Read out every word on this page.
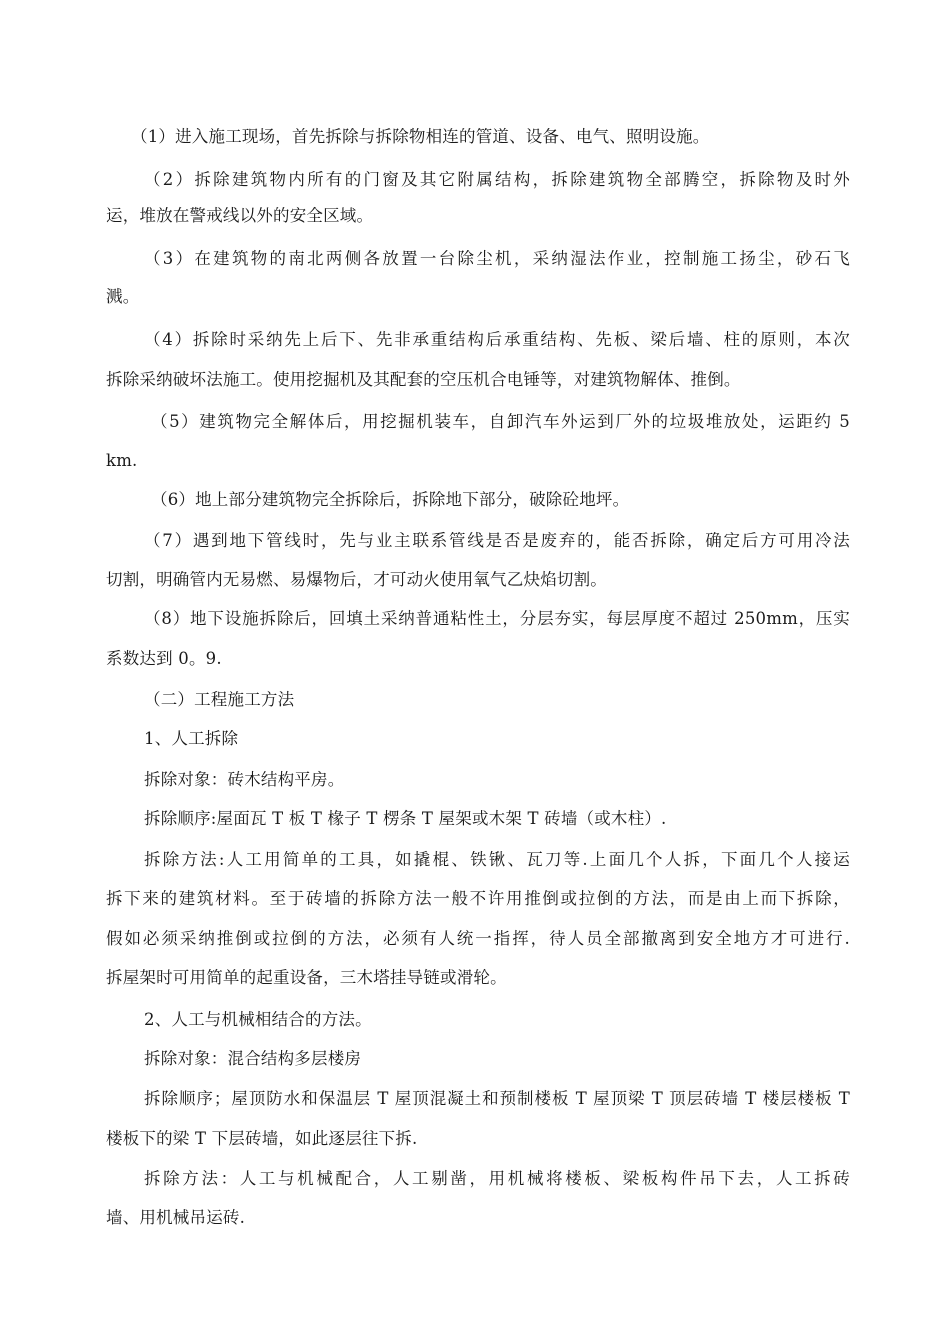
（1）进入施工现场，首先拆除与拆除物相连的管道、设备、电气、照明设施。
（2）拆除建筑物内所有的门窗及其它附属结构，拆除建筑物全部腾空，拆除物及时外
运，堆放在警戒线以外的安全区域。
（3）在建筑物的南北两侧各放置一台除尘机，采纳湿法作业，控制施工扬尘，砂石飞
溅。
（4）拆除时采纳先上后下、先非承重结构后承重结构、先板、梁后墙、柱的原则，本次
拆除采纳破坏法施工。使用挖掘机及其配套的空压机合电锤等，对建筑物解体、推倒。
（5）建筑物完全解体后，用挖掘机装车，自卸汽车外运到厂外的垃圾堆放处，运距约 5
km.
（6）地上部分建筑物完全拆除后，拆除地下部分，破除砼地坪。
（7）遇到地下管线时，先与业主联系管线是否是废弃的，能否拆除，确定后方可用冷法
切割，明确管内无易燃、易爆物后，才可动火使用氧气乙炔焰切割。
（8）地下设施拆除后，回填土采纳普通粘性土，分层夯实，每层厚度不超过 250mm，压实
系数达到 0。9.
（二）工程施工方法
1、人工拆除
拆除对象：砖木结构平房。
拆除顺序:屋面瓦 T 板 T 椽子 T 楞条 T 屋架或木架 T 砖墙（或木柱）.
拆除方法:人工用简单的工具，如撬棍、铁锹、瓦刀等.上面几个人拆，下面几个人接运
拆下来的建筑材料。至于砖墙的拆除方法一般不许用推倒或拉倒的方法，而是由上而下拆除，
假如必须采纳推倒或拉倒的方法，必须有人统一指挥，待人员全部撤离到安全地方才可进行.
拆屋架时可用简单的起重设备，三木塔挂导链或滑轮。
2、人工与机械相结合的方法。
拆除对象：混合结构多层楼房
拆除顺序；屋顶防水和保温层 T 屋顶混凝土和预制楼板 T 屋顶梁 T 顶层砖墙 T 楼层楼板 T
楼板下的梁 T 下层砖墙，如此逐层往下拆.
拆除方法：人工与机械配合，人工剔凿，用机械将楼板、梁板构件吊下去，人工拆砖
墙、用机械吊运砖.
